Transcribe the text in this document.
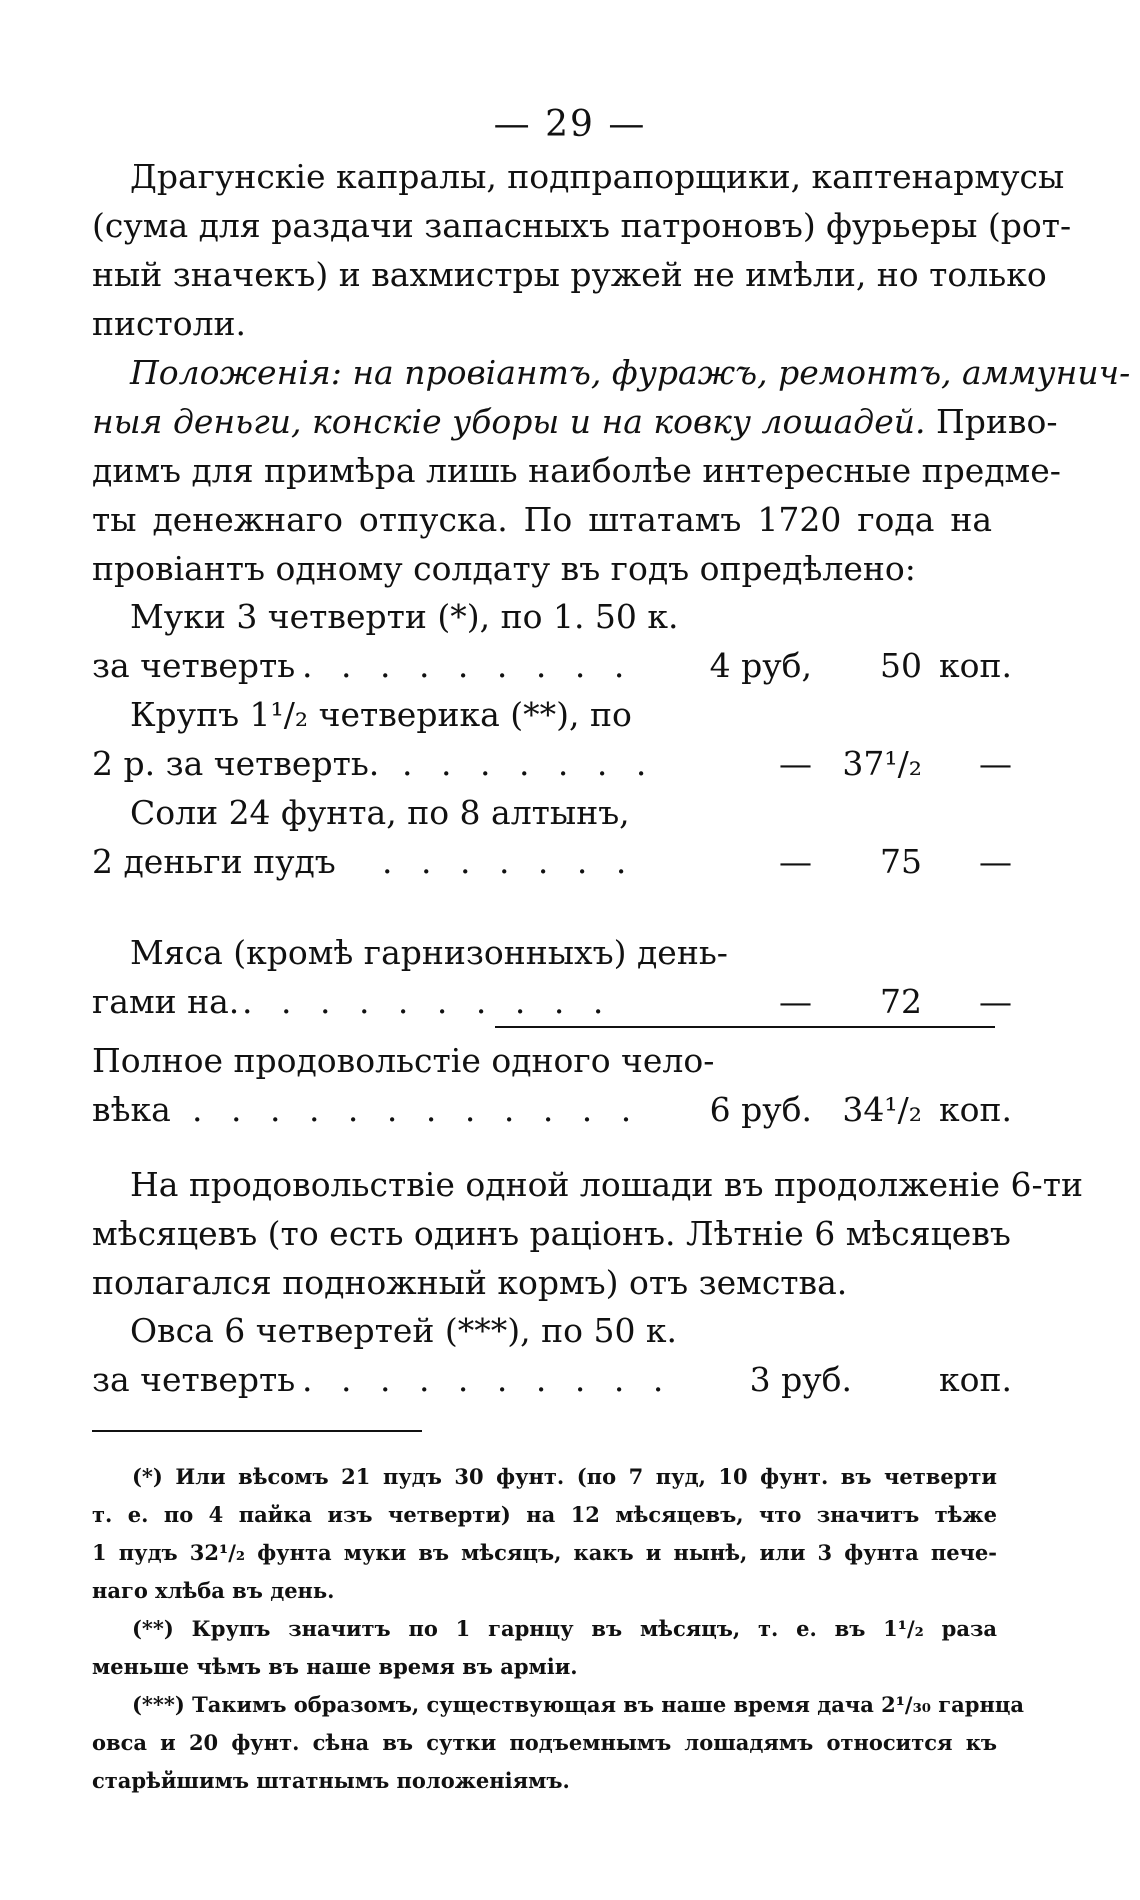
— 29 —
Драгунскіе капралы, подпрапорщики, каптенармусы
(сума для раздачи запасныхъ патроновъ) фурьеры (рот-
ный значекъ) и вахмистры ружей не имѣли, но только
пистоли.
Положенія: на провіантъ, фуражъ, ремонтъ, аммунич-
ныя деньги, конскіе уборы и на ковку лошадей. Приво-
димъ для примѣра лишь наиболѣе интересные предме-
ты денежнаго отпуска. По штатамъ 1720 года на
провіантъ одному солдату въ годъ опредѣлено:
Муки 3 четверти (*), по 1. 50 к.
за четверть . . . . . . . . .	4 руб,	50 коп.
Крупъ 1¹/₂ четверика (**), по
2 р. за четверть. . . . . . . .	— 37¹/₂	—
Соли 24 фунта, по 8 алтынъ,
2 деньги пудъ . . . . . . .	—	75	—
Мяса (кромѣ гарнизонныхъ) день-
гами на. . . . . . . . . . .	—	72	—
Полное продовольстіе одного чело-
вѣка . . . . . . . . . . . .	6 руб. 34¹/₂ коп.
На продовольствіе одной лошади въ продолженіе 6-ти
мѣсяцевъ (то есть одинъ раціонъ. Лѣтніе 6 мѣсяцевъ
полагался подножный кормъ) отъ земства.
Овса 6 четвертей (***), по 50 к.
за четверть . . . . . . . . . .	3 руб.	коп.
(*) Или вѣсомъ 21 пудъ 30 фунт. (по 7 пуд, 10 фунт. въ четверти
т. е. по 4 пайка изъ четверти) на 12 мѣсяцевъ, что значитъ тѣже
1 пудъ 32¹/₂ фунта муки въ мѣсяцъ, какъ и нынѣ, или 3 фунта пече-
наго хлѣба въ день.
(**) Крупъ значитъ по 1 гарнцу въ мѣсяцъ, т. е. въ 1¹/₂ раза
меньше чѣмъ въ наше время въ арміи.
(***) Такимъ образомъ, существующая въ наше время дача 2¹/₃₀ гарнца
овса и 20 фунт. сѣна въ сутки подъемнымъ лошадямъ относится къ
старѣйшимъ штатнымъ положеніямъ.
